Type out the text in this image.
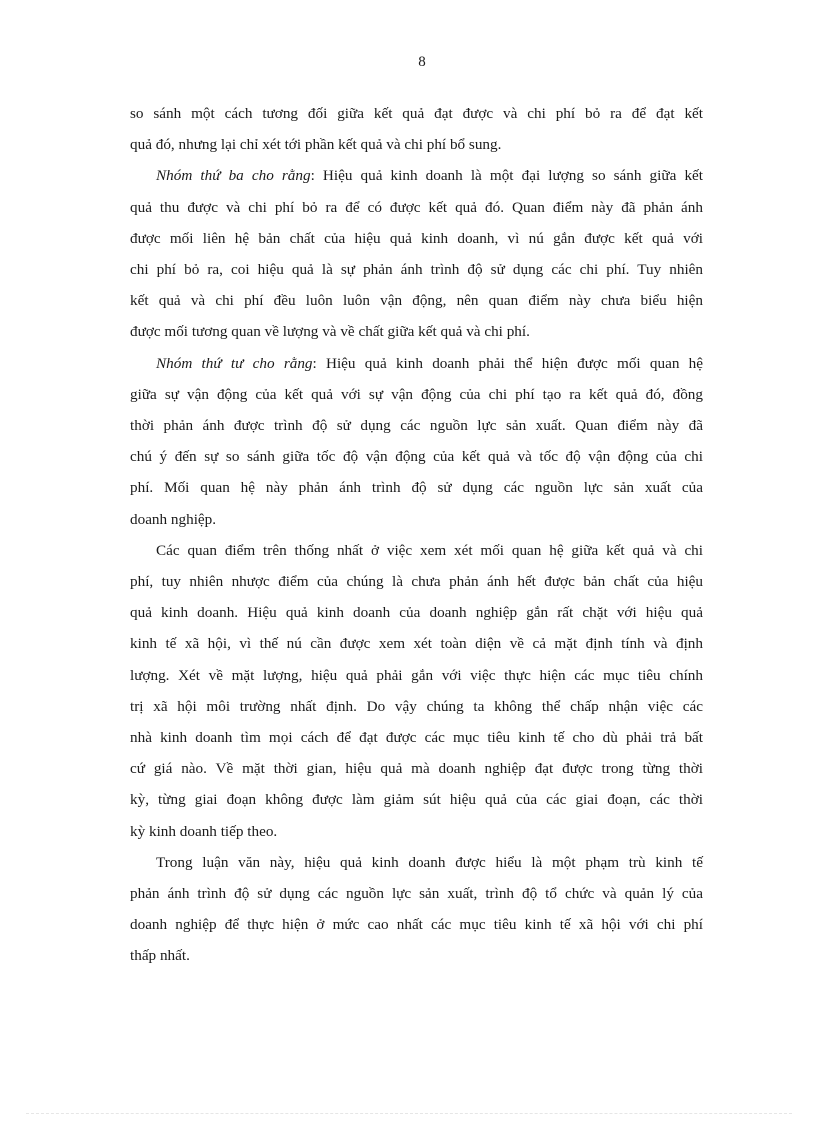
8
so sánh một cách tương đối giữa kết quả đạt được và chi phí bỏ ra để đạt kết
quả đó, nhưng lại chỉ xét tới phần kết quả và chi phí bổ sung.
Nhóm thứ ba cho rằng: Hiệu quả kinh doanh là một đại lượng so sánh giữa kết
quả thu được và chi phí bỏ ra để có được kết quả đó. Quan điểm này đã phản ánh
được mối liên hệ bản chất của hiệu quả kinh doanh, vì nú gắn được kết quả với
chi phí bỏ ra, coi hiệu quả là sự phản ánh trình độ sử dụng các chi phí. Tuy nhiên
kết quả và chi phí đều luôn luôn vận động, nên quan điểm này chưa biểu hiện
được mối tương quan về lượng và về chất giữa kết quả và chi phí.
Nhóm thứ tư cho rằng: Hiệu quả kinh doanh phải thể hiện được mối quan hệ
giữa sự vận động của kết quả với sự vận động của chi phí tạo ra kết quả đó, đồng
thời phản ánh được trình độ sử dụng các nguồn lực sản xuất. Quan điểm này đã
chú ý đến sự so sánh giữa tốc độ vận động của kết quả và tốc độ vận động của chi
phí. Mối quan hệ này phản ánh trình độ sử dụng các nguồn lực sản xuất của
doanh nghiệp.
Các quan điểm trên thống nhất ở việc xem xét mối quan hệ giữa kết quả và chi
phí, tuy nhiên nhược điểm của chúng là chưa phản ánh hết được bản chất của hiệu
quả kinh doanh. Hiệu quả kinh doanh của doanh nghiệp gắn rất chặt với hiệu quả
kinh tế xã hội, vì thế nú cần được xem xét toàn diện về cả mặt định tính và định
lượng. Xét về mặt lượng, hiệu quả phải gắn với việc thực hiện các mục tiêu chính
trị xã hội môi trường nhất định. Do vậy chúng ta không thể chấp nhận việc các
nhà kinh doanh tìm mọi cách để đạt được các mục tiêu kinh tế cho dù phải trả bất
cứ giá nào. Về mặt thời gian, hiệu quả mà doanh nghiệp đạt được trong từng thời
kỳ, từng giai đoạn không được làm giảm sút hiệu quả của các giai đoạn, các thời
kỳ kinh doanh tiếp theo.
Trong luận văn này, hiệu quả kinh doanh được hiểu là một phạm trù kinh tế
phản ánh trình độ sử dụng các nguồn lực sản xuất, trình độ tổ chức và quản lý của
doanh nghiệp để thực hiện ở mức cao nhất các mục tiêu kinh tế xã hội với chi phí
thấp nhất.
